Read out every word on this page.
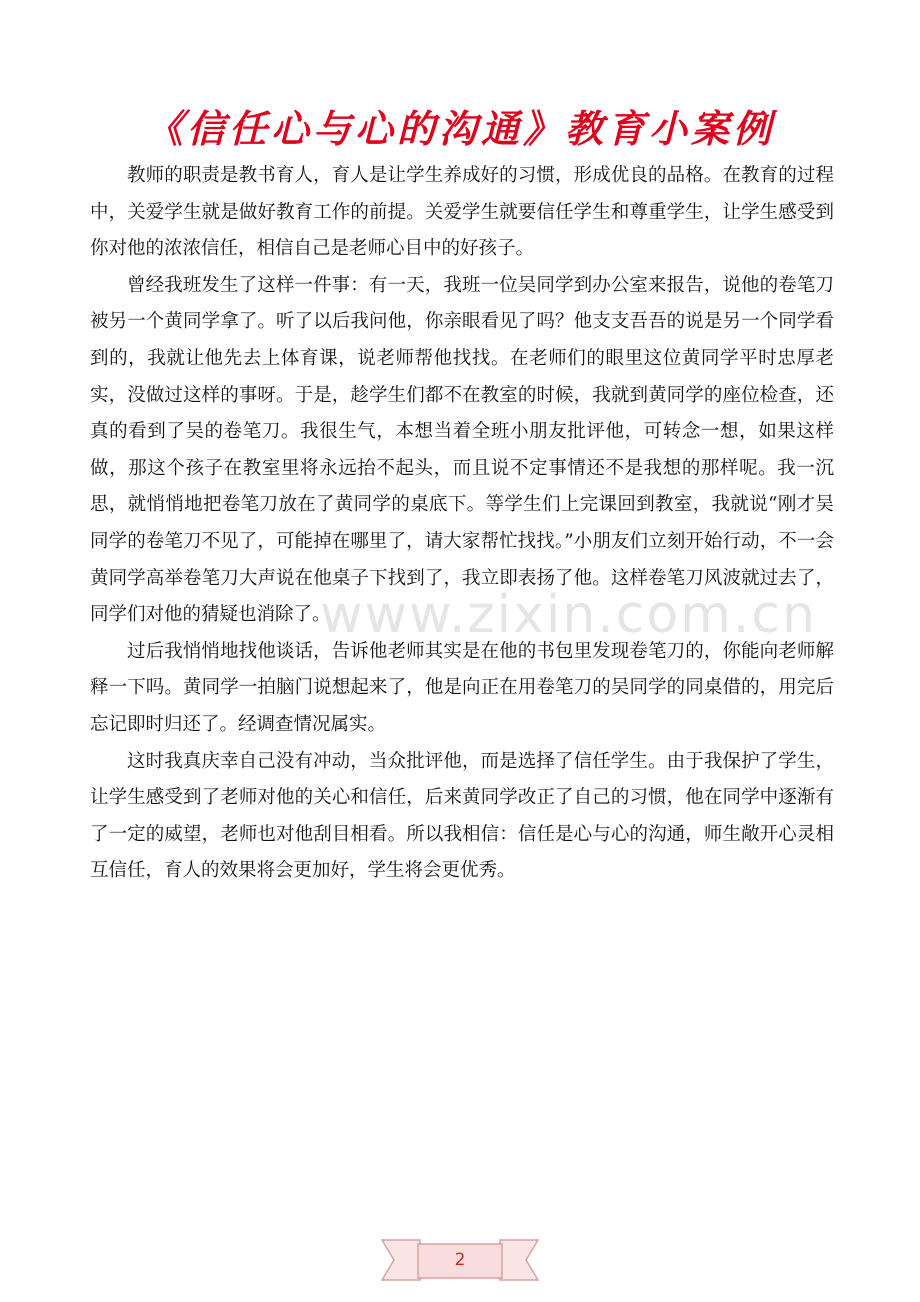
《信任心与心的沟通》教育小案例

教师的职责是教书育人，育人是让学生养成好的习惯，形成优良的品格。在教育的过程中，关爱学生就是做好教育工作的前提。关爱学生就要信任学生和尊重学生，让学生感受到你对他的浓浓信任，相信自己是老师心目中的好孩子。

曾经我班发生了这样一件事：有一天，我班一位吴同学到办公室来报告，说他的卷笔刀被另一个黄同学拿了。听了以后我问他，你亲眼看见了吗？他支支吾吾的说是另一个同学看到的，我就让他先去上体育课，说老师帮他找找。在老师们的眼里这位黄同学平时忠厚老实，没做过这样的事呀。于是，趁学生们都不在教室的时候，我就到黄同学的座位检查，还真的看到了吴的卷笔刀。我很生气，本想当着全班小朋友批评他，可转念一想，如果这样做，那这个孩子在教室里将永远抬不起头，而且说不定事情还不是我想的那样呢。我一沉思，就悄悄地把卷笔刀放在了黄同学的桌底下。等学生们上完课回到教室，我就说“刚才吴同学的卷笔刀不见了，可能掉在哪里了，请大家帮忙找找。”小朋友们立刻开始行动，不一会黄同学高举卷笔刀大声说在他桌子下找到了，我立即表扬了他。这样卷笔刀风波就过去了，同学们对他的猜疑也消除了。

过后我悄悄地找他谈话，告诉他老师其实是在他的书包里发现卷笔刀的，你能向老师解释一下吗。黄同学一拍脑门说想起来了，他是向正在用卷笔刀的吴同学的同桌借的，用完后忘记即时归还了。经调查情况属实。

这时我真庆幸自己没有冲动，当众批评他，而是选择了信任学生。由于我保护了学生，让学生感受到了老师对他的关心和信任，后来黄同学改正了自己的习惯，他在同学中逐渐有了一定的威望，老师也对他刮目相看。所以我相信：信任是心与心的沟通，师生敞开心灵相互信任，育人的效果将会更加好，学生将会更优秀。

www.zixin.com.cn
2
